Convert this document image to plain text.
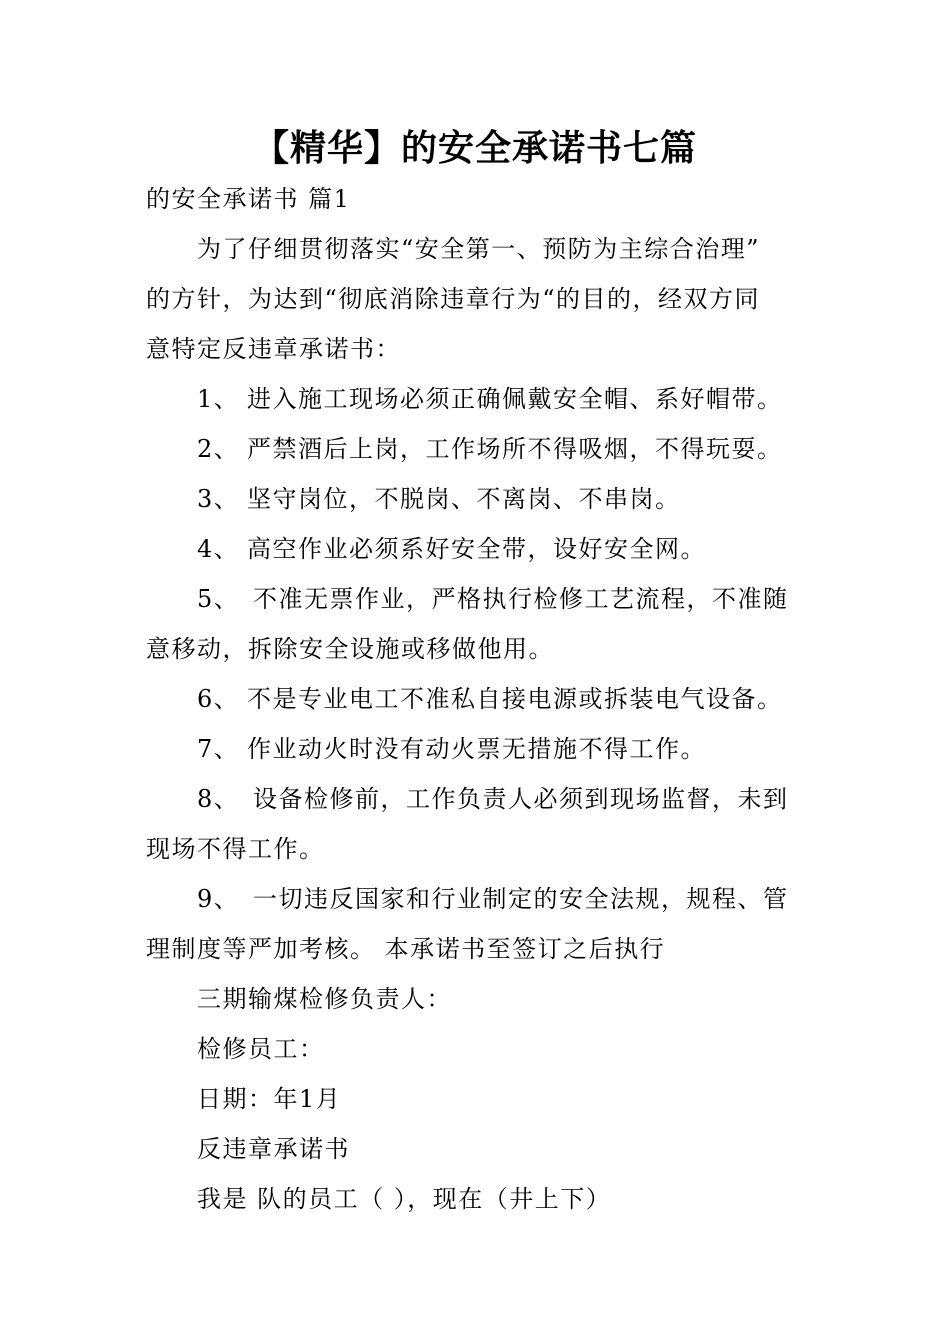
【精华】的安全承诺书七篇
的安全承诺书 篇1
为了仔细贯彻落实“安全第一、预防为主综合治理”
的方针，为达到“彻底消除违章行为“的目的，经双方同
意特定反违章承诺书：
1、 进入施工现场必须正确佩戴安全帽、系好帽带。
2、 严禁酒后上岗，工作场所不得吸烟，不得玩耍。
3、 坚守岗位，不脱岗、不离岗、不串岗。
4、 高空作业必须系好安全带，设好安全网。
5、 不准无票作业，严格执行检修工艺流程，不准随
意移动，拆除安全设施或移做他用。
6、 不是专业电工不准私自接电源或拆装电气设备。
7、 作业动火时没有动火票无措施不得工作。
8、 设备检修前，工作负责人必须到现场监督，未到
现场不得工作。
9、 一切违反国家和行业制定的安全法规，规程、管
理制度等严加考核。 本承诺书至签订之后执行
三期输煤检修负责人：
检修员工：
日期：年1月
反违章承诺书
我是 队的员工（ ），现在（井上下）
